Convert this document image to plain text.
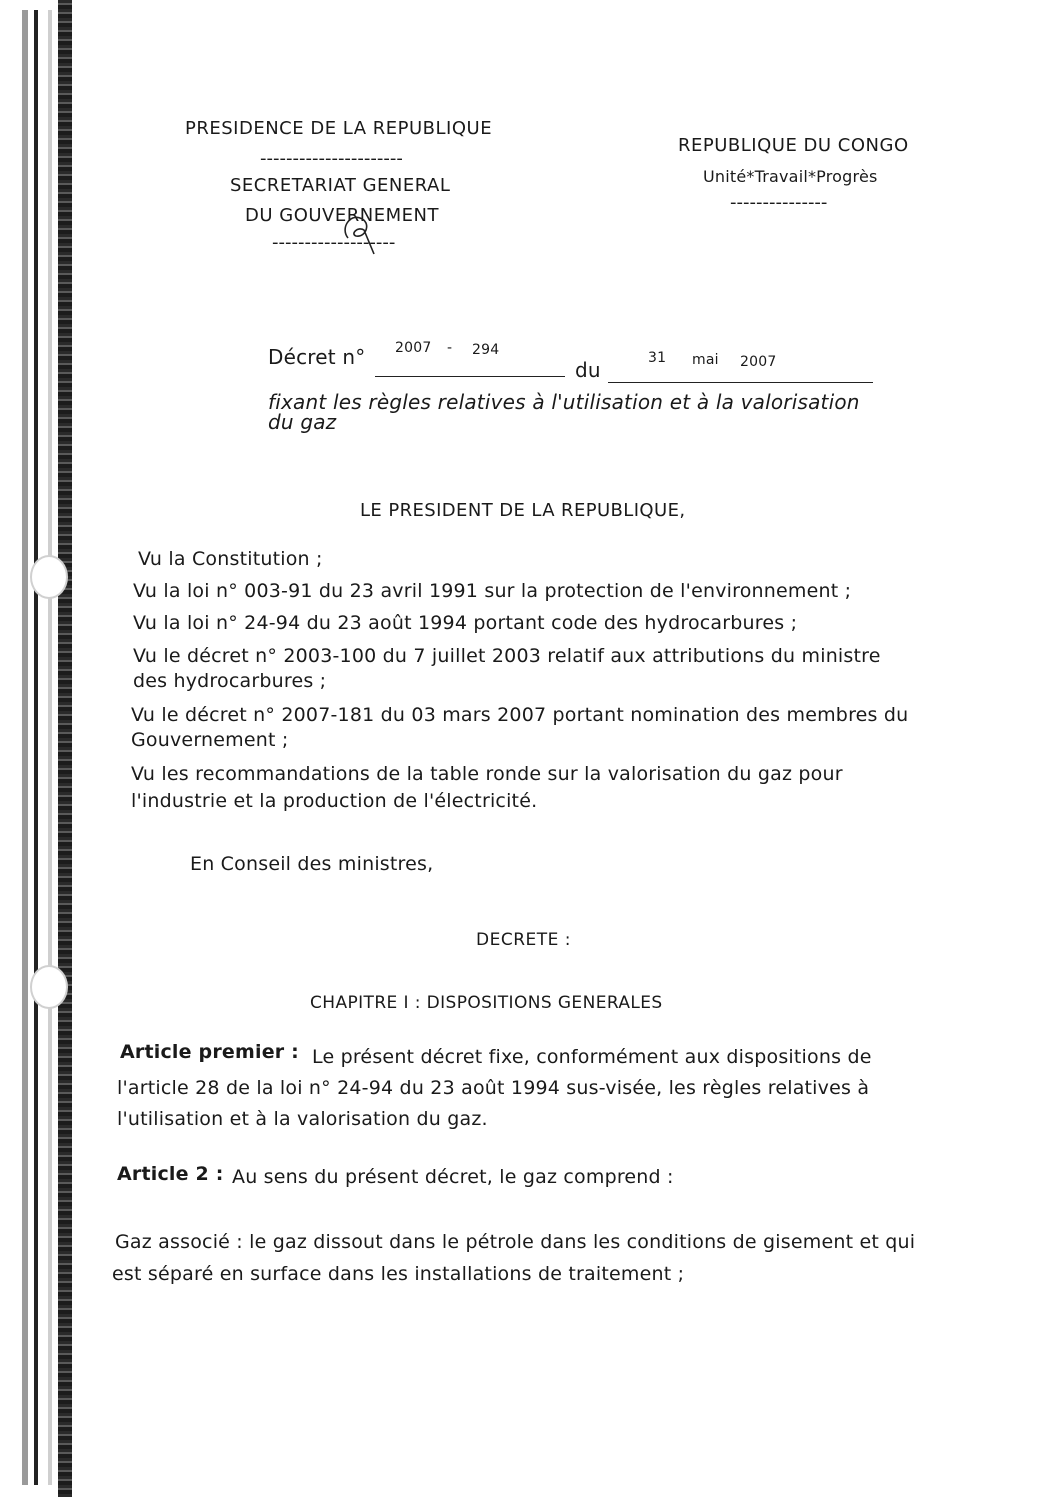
PRESIDENCE DE LA REPUBLIQUE
----------------------
SECRETARIAT GENERAL
DU GOUVERNEMENT
-------------------
REPUBLIQUE DU CONGO
Unité*Travail*Progrès
---------------
Décret n° 2007 - 294
du	31 mai 2007
fixant les règles relatives à l'utilisation et à la valorisation
du gaz
LE PRESIDENT DE LA REPUBLIQUE,
Vu la Constitution ;
Vu la loi n° 003-91 du 23 avril 1991 sur la protection de l'environnement ;
Vu la loi n° 24-94 du 23 août 1994 portant code des hydrocarbures ;
Vu le décret n° 2003-100 du 7 juillet 2003 relatif aux attributions du ministre
des hydrocarbures ;
Vu le décret n° 2007-181 du 03 mars 2007 portant nomination des membres du
Gouvernement ;
Vu les recommandations de la table ronde sur la valorisation du gaz pour
l'industrie et la production de l'électricité.
En Conseil des ministres,
DECRETE :
CHAPITRE I : DISPOSITIONS GENERALES
Article premier : Le présent décret fixe, conformément aux dispositions de
l'article 28 de la loi n° 24-94 du 23 août 1994 sus-visée, les règles relatives à
l'utilisation et à la valorisation du gaz.
Article 2 : Au sens du présent décret, le gaz comprend :
Gaz associé : le gaz dissout dans le pétrole dans les conditions de gisement et qui
est séparé en surface dans les installations de traitement ;
